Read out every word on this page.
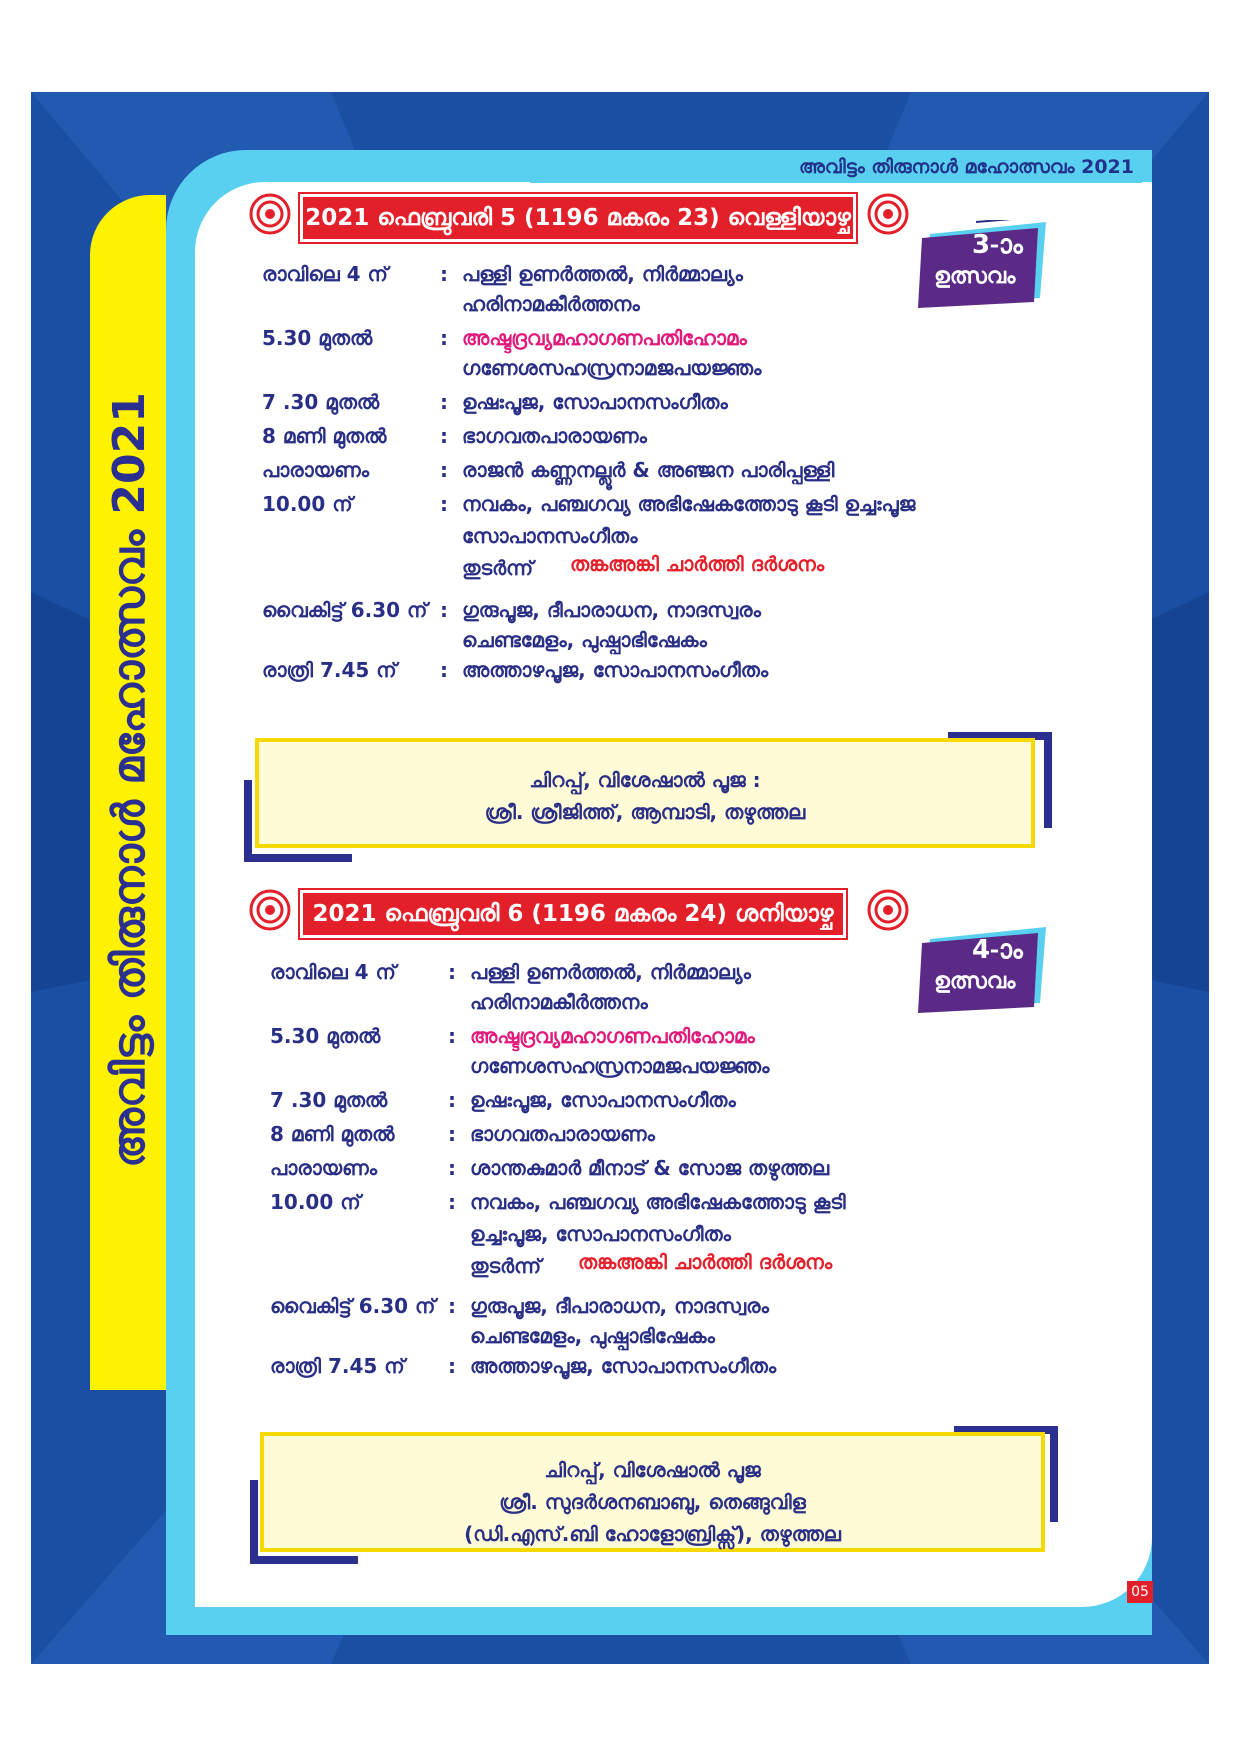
അവിട്ടം തിരുനാൾ മഹോത്സവം 2021
അവിട്ടം തിരുനാൾ മഹോത്സവം 2021
2021 ഫെബ്രുവരി 5 (1196 മകരം 23) വെള്ളിയാഴ്ച
3-ാം
ഉത്സവം
രാവിലെ 4 ന്	: പള്ളി ഉണർത്തൽ, നിർമ്മാല്യം
ഹരിനാമകീർത്തനം
5.30 മുതൽ	: അഷ്ടദ്രവ്യമഹാഗണപതിഹോമം
ഗണേശസഹസ്രനാമജപയജ്ഞം
7 .30 മുതൽ	: ഉഷഃപൂജ, സോപാനസംഗീതം
8 മണി മുതൽ	: ഭാഗവതപാരായണം
പാരായണം	: രാജൻ കണ്ണനല്ലൂർ & അഞ്ജന പാരിപ്പള്ളി
10.00 ന്	: നവകം, പഞ്ചഗവ്യ അഭിഷേകത്തോടു കൂടി ഉച്ചഃപൂജ
സോപാനസംഗീതം
തുടർന്ന് തങ്കഅങ്കി ചാർത്തി ദർശനം
വൈകിട്ട് 6.30 ന് : ഗുരുപൂജ, ദീപാരാധന, നാദസ്വരം
ചെണ്ടമേളം, പുഷ്പാഭിഷേകം
രാത്രി 7.45 ന് : അത്താഴപൂജ, സോപാനസംഗീതം
ചിറപ്പ്, വിശേഷാൽ പൂജ :
ശ്രീ. ശ്രീജിത്ത്, ആമ്പാടി, തഴുത്തല
2021 ഫെബ്രുവരി 6 (1196 മകരം 24) ശനിയാഴ്ച
4-ാം
ഉത്സവം
രാവിലെ 4 ന്	: പള്ളി ഉണർത്തൽ, നിർമ്മാല്യം
ഹരിനാമകീർത്തനം
5.30 മുതൽ	: അഷ്ടദ്രവ്യമഹാഗണപതിഹോമം
ഗണേശസഹസ്രനാമജപയജ്ഞം
7 .30 മുതൽ	: ഉഷഃപൂജ, സോപാനസംഗീതം
8 മണി മുതൽ	: ഭാഗവതപാരായണം
പാരായണം	: ശാന്തകുമാർ മീനാട് & സോജ തഴുത്തല
10.00 ന്	: നവകം, പഞ്ചഗവ്യ അഭിഷേകത്തോടു കൂടി
ഉച്ചഃപൂജ, സോപാനസംഗീതം
തുടർന്ന് തങ്കഅങ്കി ചാർത്തി ദർശനം
വൈകിട്ട് 6.30 ന് : ഗുരുപൂജ, ദീപാരാധന, നാദസ്വരം
ചെണ്ടമേളം, പുഷ്പാഭിഷേകം
രാത്രി 7.45 ന് : അത്താഴപൂജ, സോപാനസംഗീതം
ചിറപ്പ്, വിശേഷാൽ പൂജ
ശ്രീ. സുദർശനബാബു, തെങ്ങുവിള
(ഡി.എസ്.ബി ഹോളോബ്രിക്സ്), തഴുത്തല
05
